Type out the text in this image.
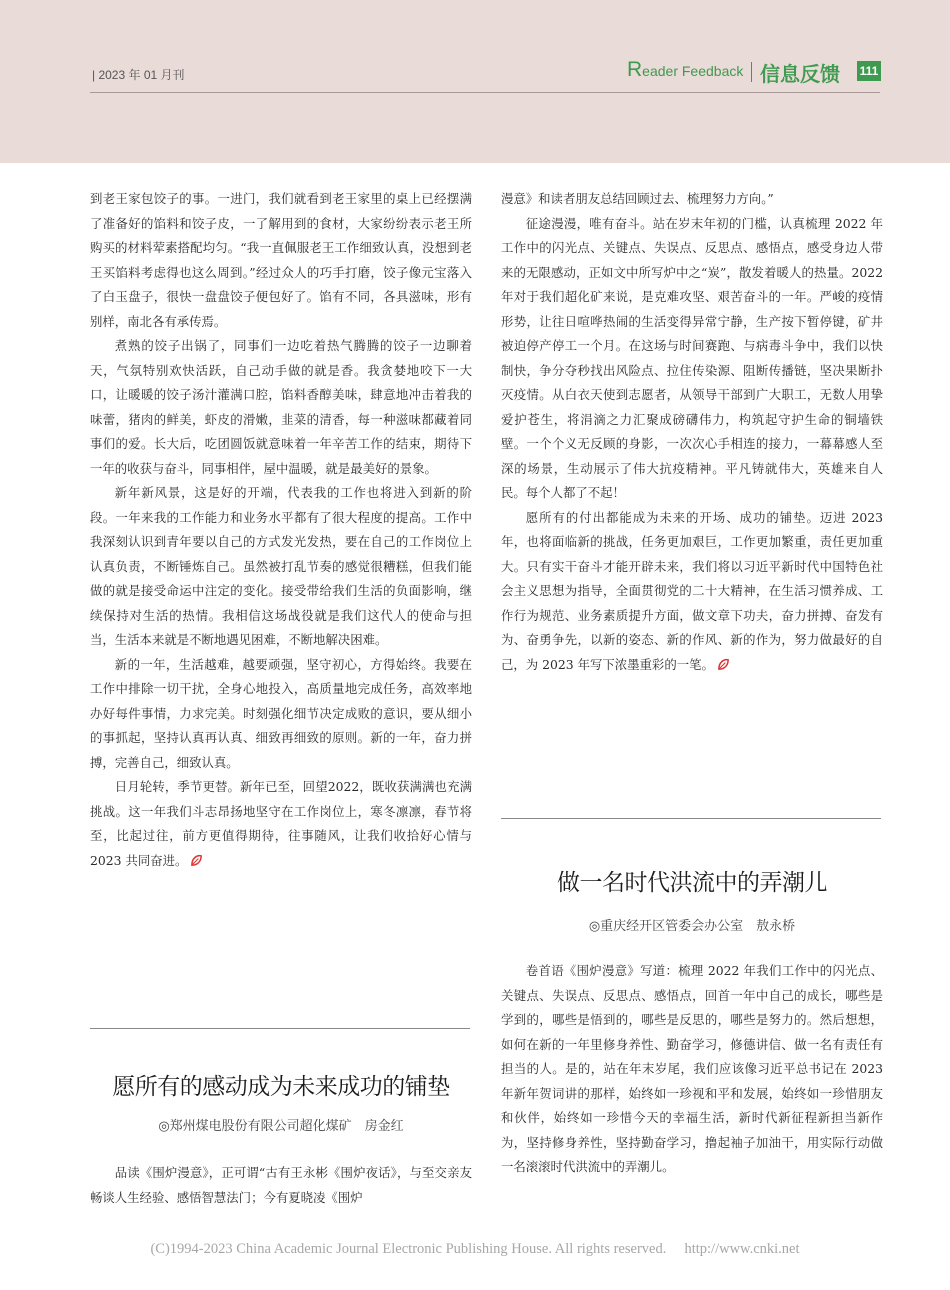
| 2023 年 01 月刊	Reader Feedback 信息反馈 111

到老王家包饺子的事。一进门，我们就看到老王家里的桌上已经摆满了准备好的馅料和饺子皮，一了解用到的食材，大家纷纷表示老王所购买的材料荤素搭配均匀。“我一直佩服老王工作细致认真，没想到老王买馅料考虑得也这么周到。”经过众人的巧手打磨，饺子像元宝落入了白玉盘子，很快一盘盘饺子便包好了。馅有不同，各具滋味，形有别样，南北各有承传焉。

煮熟的饺子出锅了，同事们一边吃着热气腾腾的饺子一边聊着天，气氛特别欢快活跃，自己动手做的就是香。我贪婪地咬下一大口，让暖暖的饺子汤汁灌满口腔，馅料香醇美味，肆意地冲击着我的味蕾，猪肉的鲜美，虾皮的滑嫩，韭菜的清香，每一种滋味都藏着同事们的爱。长大后，吃团圆饭就意味着一年辛苦工作的结束，期待下一年的收获与奋斗，同事相伴，屋中温暖，就是最美好的景象。

新年新风景，这是好的开端，代表我的工作也将进入到新的阶段。一年来我的工作能力和业务水平都有了很大程度的提高。工作中我深刻认识到青年要以自己的方式发光发热，要在自己的工作岗位上认真负责，不断锤炼自己。虽然被打乱节奏的感觉很糟糕，但我们能做的就是接受命运中注定的变化。接受带给我们生活的负面影响，继续保持对生活的热情。我相信这场战役就是我们这代人的使命与担当，生活本来就是不断地遇见困难，不断地解决困难。

新的一年，生活越难，越要顽强，坚守初心，方得始终。我要在工作中排除一切干扰，全身心地投入，高质量地完成任务，高效率地办好每件事情，力求完美。时刻强化细节决定成败的意识，要从细小的事抓起，坚持认真再认真、细致再细致的原则。新的一年，奋力拼搏，完善自己，细致认真。

日月轮转，季节更替。新年已至，回望2022，既收获满满也充满挑战。这一年我们斗志昂扬地坚守在工作岗位上，寒冬凛凛，春节将至，比起过往，前方更值得期待，往事随风，让我们收拾好心情与 2023 共同奋进。

愿所有的感动成为未来成功的铺垫
◎郑州煤电股份有限公司超化煤矿　房金红

品读《围炉漫意》，正可谓“古有王永彬《围炉夜话》，与至交亲友畅谈人生经验、感悟智慧法门；今有夏晓凌《围炉

漫意》和读者朋友总结回顾过去、梳理努力方向。”

征途漫漫，唯有奋斗。站在岁末年初的门槛，认真梳理 2022 年工作中的闪光点、关键点、失误点、反思点、感悟点，感受身边人带来的无限感动，正如文中所写炉中之“炭”，散发着暖人的热量。2022 年对于我们超化矿来说，是克难攻坚、艰苦奋斗的一年。严峻的疫情形势，让往日喧哗热闹的生活变得异常宁静，生产按下暂停键，矿井被迫停产停工一个月。在这场与时间赛跑、与病毒斗争中，我们以快制快，争分夺秒找出风险点、拉住传染源、阻断传播链，坚决果断扑灭疫情。从白衣天使到志愿者，从领导干部到广大职工，无数人用挚爱护苍生，将涓滴之力汇聚成磅礴伟力，构筑起守护生命的铜墙铁壁。一个个义无反顾的身影，一次次心手相连的接力，一幕幕感人至深的场景，生动展示了伟大抗疫精神。平凡铸就伟大，英雄来自人民。每个人都了不起！

愿所有的付出都能成为未来的开场、成功的铺垫。迈进 2023 年，也将面临新的挑战，任务更加艰巨，工作更加繁重，责任更加重大。只有实干奋斗才能开辟未来，我们将以习近平新时代中国特色社会主义思想为指导，全面贯彻党的二十大精神，在生活习惯养成、工作行为规范、业务素质提升方面，做文章下功夫，奋力拼搏、奋发有为、奋勇争先，以新的姿态、新的作风、新的作为，努力做最好的自己，为 2023 年写下浓墨重彩的一笔。

做一名时代洪流中的弄潮儿
◎重庆经开区管委会办公室　敖永桥

卷首语《围炉漫意》写道：梳理 2022 年我们工作中的闪光点、关键点、失误点、反思点、感悟点，回首一年中自己的成长，哪些是学到的，哪些是悟到的，哪些是反思的，哪些是努力的。然后想想，如何在新的一年里修身养性、勤奋学习，修德讲信、做一名有责任有担当的人。是的，站在年末岁尾，我们应该像习近平总书记在 2023 年新年贺词讲的那样，始终如一珍视和平和发展，始终如一珍惜朋友和伙伴，始终如一珍惜今天的幸福生活，新时代新征程新担当新作为，坚持修身养性，坚持勤奋学习，撸起袖子加油干，用实际行动做一名滚滚时代洪流中的弄潮儿。

(C)1994-2023 China Academic Journal Electronic Publishing House. All rights reserved. http://www.cnki.net
